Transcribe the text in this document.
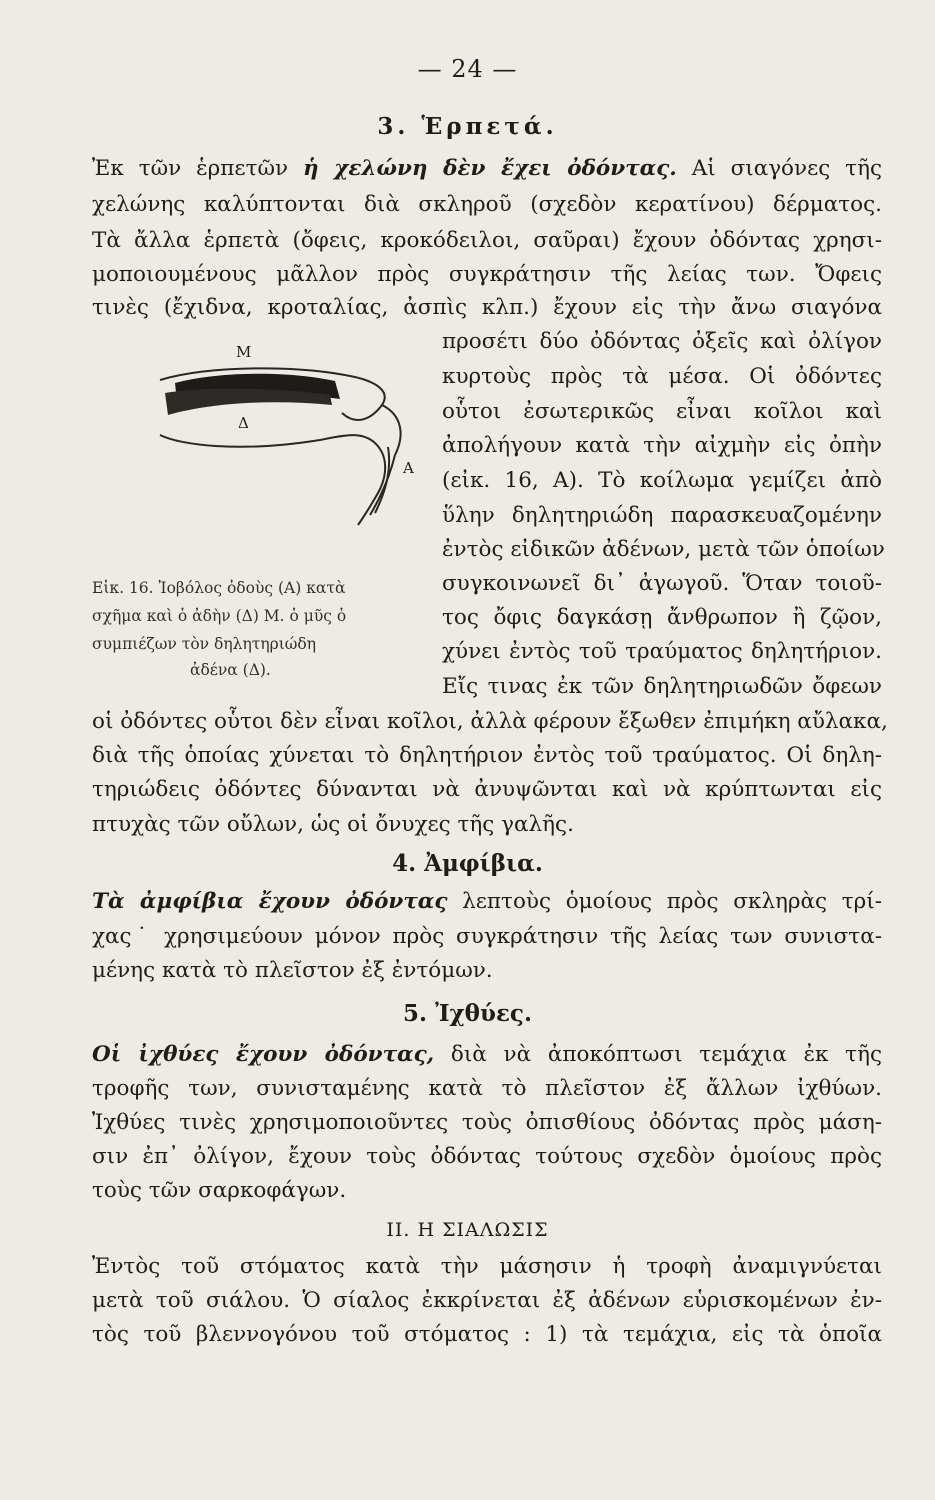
— 24 —
3. Ἑρπετά.
Ἐκ τῶν ἑρπετῶν ἡ χελώνη δὲν ἔχει ὀδόντας. Αἱ σιαγόνες τῆς
χελώνης καλύπτονται διὰ σκληροῦ (σχεδὸν κερατίνου) δέρματος.
Τὰ ἄλλα ἑρπετὰ (ὄφεις, κροκόδειλοι, σαῦραι) ἔχουν ὀδόντας χρησι-
μοποιουμένους μᾶλλον πρὸς συγκράτησιν τῆς λείας των. Ὄφεις
τινὲς (ἔχιδνα, κροταλίας, ἀσπὶς κλπ.) ἔχουν εἰς τὴν ἄνω σιαγόνα
Μ
Δ
Α
προσέτι δύο ὀδόντας ὀξεῖς καὶ ὀλίγον
κυρτοὺς πρὸς τὰ μέσα. Οἱ ὀδόντες
οὗτοι ἐσωτερικῶς εἶναι κοῖλοι καὶ
ἀπολήγουν κατὰ τὴν αἰχμὴν εἰς ὀπὴν
(εἰκ. 16, Α). Τὸ κοίλωμα γεμίζει ἀπὸ
ὕλην δηλητηριώδη παρασκευαζομένην
ἐντὸς εἰδικῶν ἀδένων, μετὰ τῶν ὁποίων
συγκοινωνεῖ δι᾿ ἀγωγοῦ. Ὅταν τοιοῦ-
τος ὄφις δαγκάσῃ ἄνθρωπον ἢ ζῷον,
χύνει ἐντὸς τοῦ τραύματος δηλητήριον.
Εἴς τινας ἐκ τῶν δηλητηριωδῶν ὄφεων
Εἰκ. 16. Ἰοβόλος ὀδοὺς (Α) κατὰ
σχῆμα καὶ ὁ ἀδὴν (Δ) Μ. ὁ μῦς ὁ
συμπιέζων τὸν δηλητηριώδη
ἀδένα (Δ).
οἱ ὀδόντες οὗτοι δὲν εἶναι κοῖλοι, ἀλλὰ φέρουν ἔξωθεν ἐπιμήκη αὔλακα,
διὰ τῆς ὁποίας χύνεται τὸ δηλητήριον ἐντὸς τοῦ τραύματος. Οἱ δηλη-
τηριώδεις ὀδόντες δύνανται νὰ ἀνυψῶνται καὶ νὰ κρύπτωνται εἰς
πτυχὰς τῶν οὔλων, ὡς οἱ ὄνυχες τῆς γαλῆς.
4. Ἀμφίβια.
Τὰ ἀμφίβια ἔχουν ὀδόντας λεπτοὺς ὁμοίους πρὸς σκληρὰς τρί-
χας˙ χρησιμεύουν μόνον πρὸς συγκράτησιν τῆς λείας των συνιστα-
μένης κατὰ τὸ πλεῖστον ἐξ ἐντόμων.
5. Ἰχθύες.
Οἱ ἰχθύες ἔχουν ὀδόντας, διὰ νὰ ἀποκόπτωσι τεμάχια ἐκ τῆς
τροφῆς των, συνισταμένης κατὰ τὸ πλεῖστον ἐξ ἄλλων ἰχθύων.
Ἰχθύες τινὲς χρησιμοποιοῦντες τοὺς ὀπισθίους ὀδόντας πρὸς μάση-
σιν ἐπ᾿ ὀλίγον, ἔχουν τοὺς ὀδόντας τούτους σχεδὸν ὁμοίους πρὸς
τοὺς τῶν σαρκοφάγων.
ΙΙ. Η ΣΙΑΛΩΣΙΣ
Ἐντὸς τοῦ στόματος κατὰ τὴν μάσησιν ἡ τροφὴ ἀναμιγνύεται
μετὰ τοῦ σιάλου. Ὁ σίαλος ἐκκρίνεται ἐξ ἀδένων εὑρισκομένων ἐν-
τὸς τοῦ βλεννογόνου τοῦ στόματος : 1) τὰ τεμάχια, εἰς τὰ ὁποῖα
